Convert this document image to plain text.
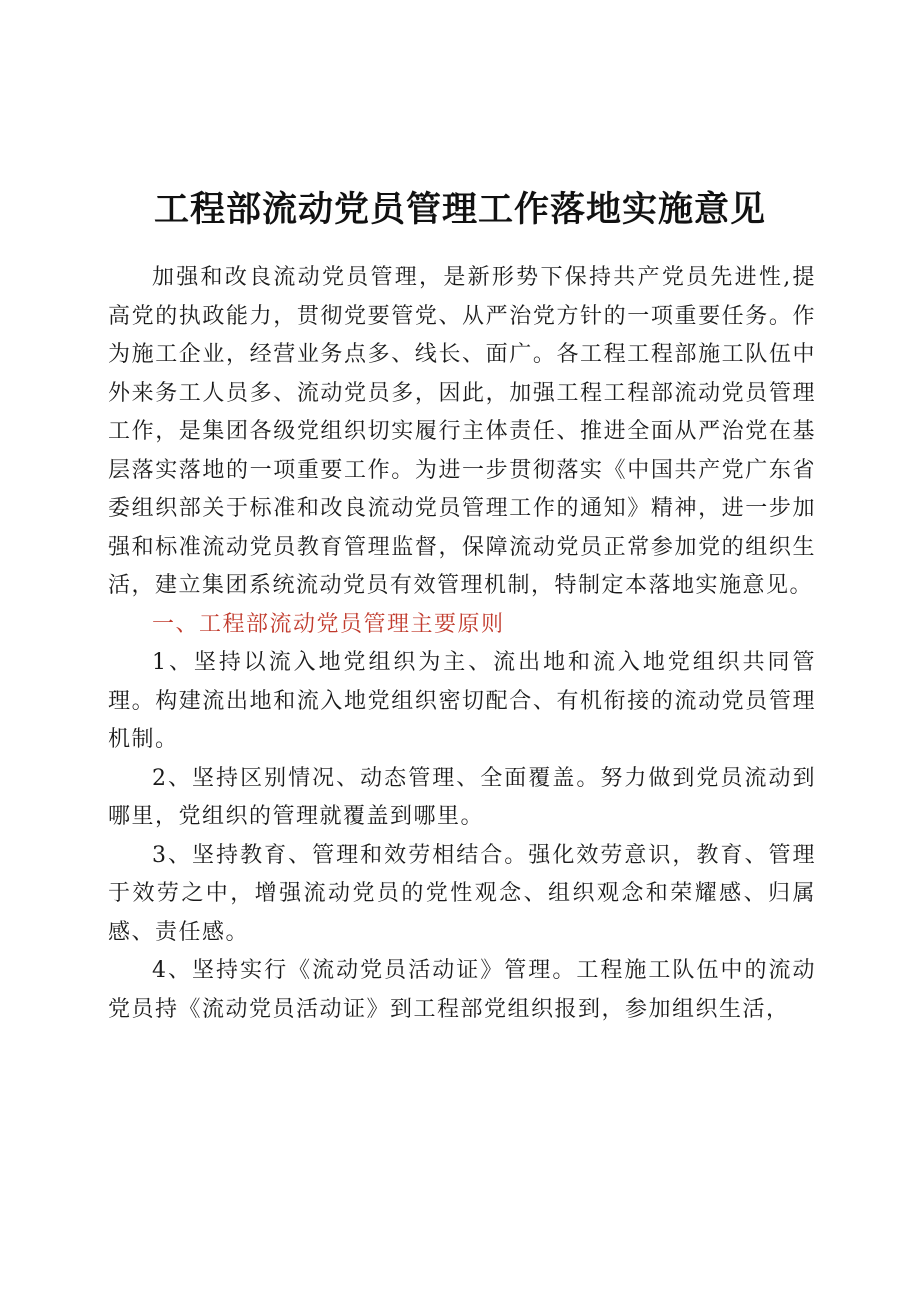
工程部流动党员管理工作落地实施意见

加强和改良流动党员管理，是新形势下保持共产党员先进性,提高党的执政能力，贯彻党要管党、从严治党方针的一项重要任务。作为施工企业，经营业务点多、线长、面广。各工程工程部施工队伍中外来务工人员多、流动党员多，因此，加强工程工程部流动党员管理工作，是集团各级党组织切实履行主体责任、推进全面从严治党在基层落实落地的一项重要工作。为进一步贯彻落实《中国共产党广东省委组织部关于标准和改良流动党员管理工作的通知》精神，进一步加强和标准流动党员教育管理监督，保障流动党员正常参加党的组织生活，建立集团系统流动党员有效管理机制，特制定本落地实施意见。

一、工程部流动党员管理主要原则

1、坚持以流入地党组织为主、流出地和流入地党组织共同管理。构建流出地和流入地党组织密切配合、有机衔接的流动党员管理机制。

2、坚持区别情况、动态管理、全面覆盖。努力做到党员流动到哪里，党组织的管理就覆盖到哪里。

3、坚持教育、管理和效劳相结合。强化效劳意识，教育、管理于效劳之中，增强流动党员的党性观念、组织观念和荣耀感、归属感、责任感。

4、坚持实行《流动党员活动证》管理。工程施工队伍中的流动党员持《流动党员活动证》到工程部党组织报到，参加组织生活，
